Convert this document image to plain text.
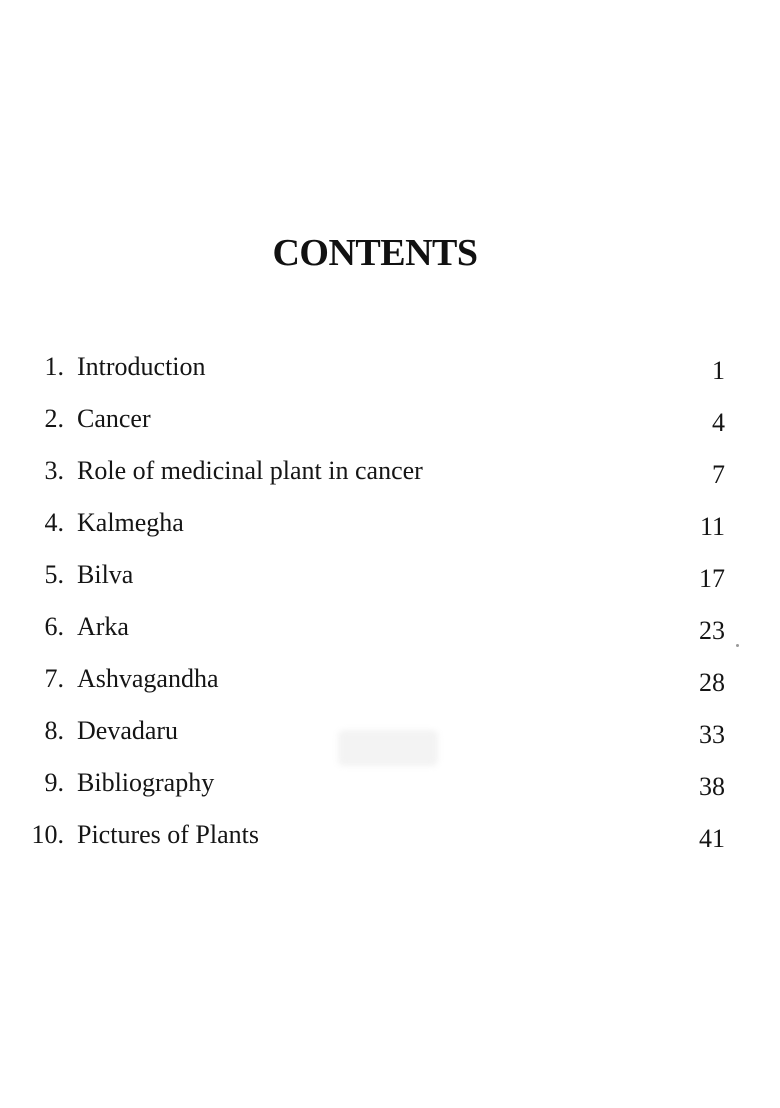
CONTENTS
1. Introduction	1
2. Cancer	4
3. Role of medicinal plant in cancer	7
4. Kalmegha	11
5. Bilva	17
6. Arka	23
7. Ashvagandha	28
8. Devadaru	33
9. Bibliography	38
10. Pictures of Plants	41
